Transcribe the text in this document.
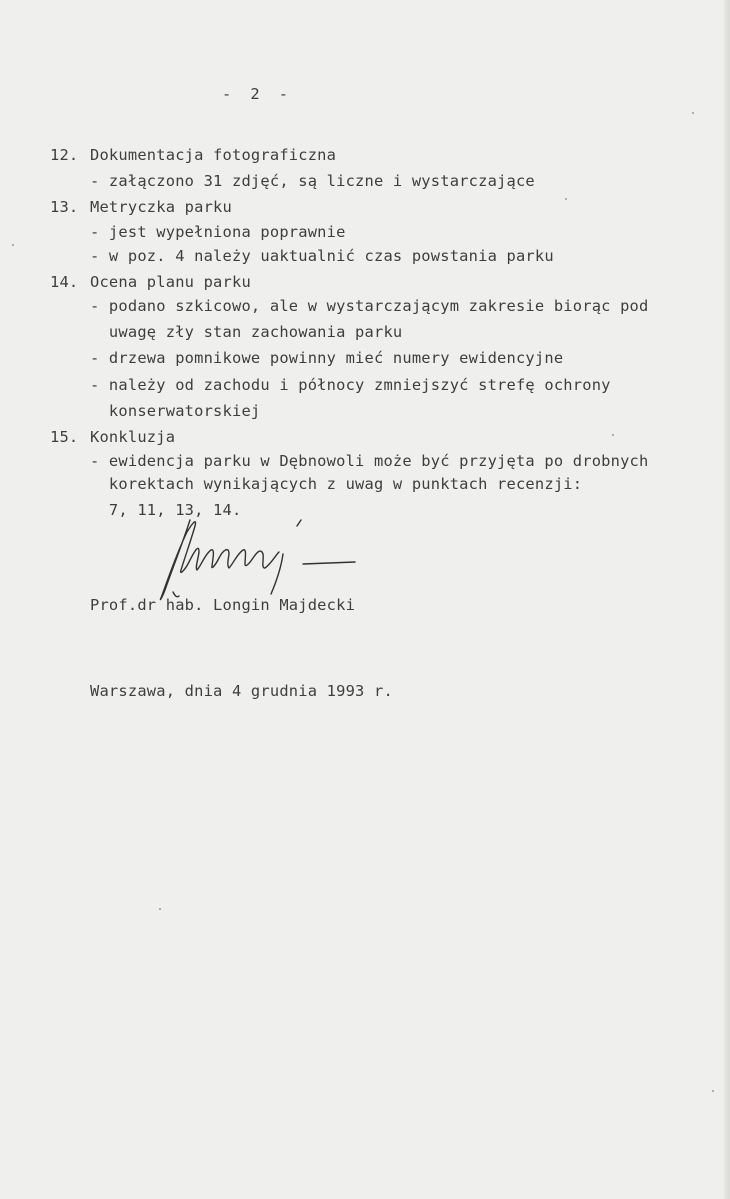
-  2  -
12. Dokumentacja fotograficzna
- załączono 31 zdjęć, są liczne i wystarczające
13. Metryczka parku
- jest wypełniona poprawnie
- w poz. 4 należy uaktualnić czas powstania parku
14. Ocena planu parku
- podano szkicowo, ale w wystarczającym zakresie biorąc pod
uwagę zły stan zachowania parku
- drzewa pomnikowe powinny mieć numery ewidencyjne
- należy od zachodu i północy zmniejszyć strefę ochrony
konserwatorskiej
15. Konkluzja
- ewidencja parku w Dębnowoli może być przyjęta po drobnych
korektach wynikających z uwag w punktach recenzji:
7, 11, 13, 14.
Prof.dr hab. Longin Majdecki
Warszawa, dnia 4 grudnia 1993 r.
